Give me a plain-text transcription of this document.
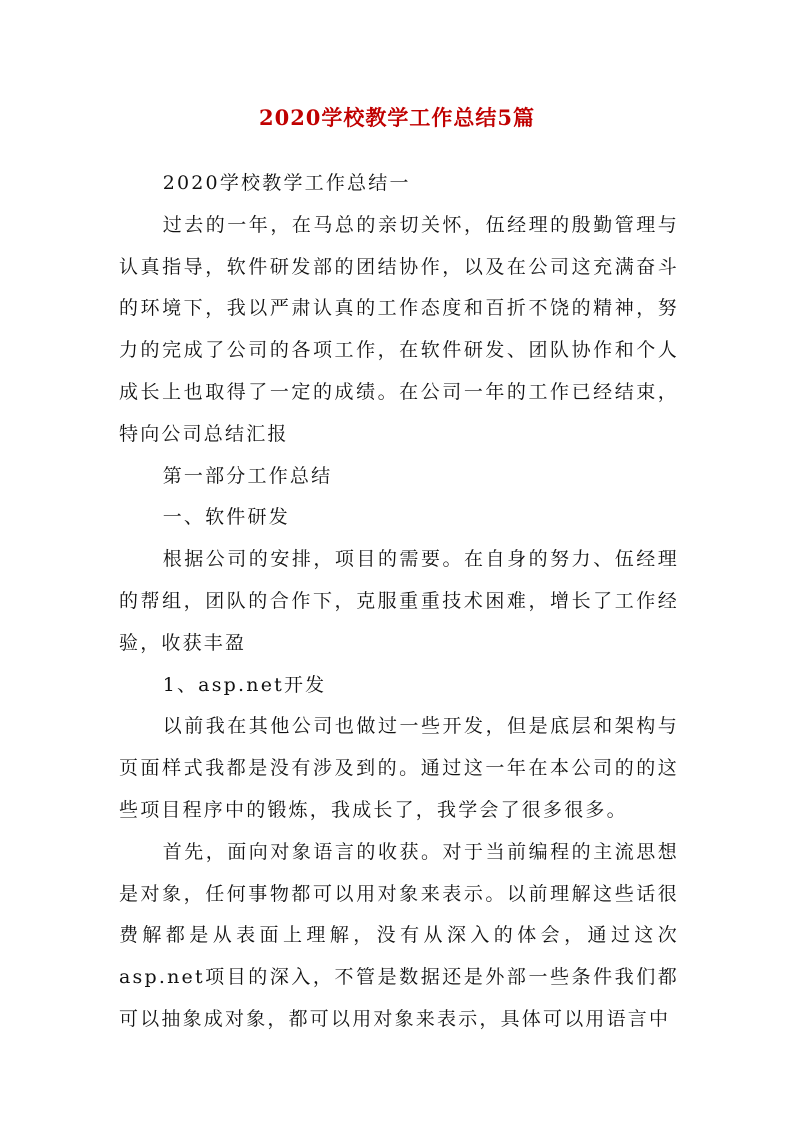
2020学校教学工作总结5篇

2020学校教学工作总结一

过去的一年，在马总的亲切关怀，伍经理的殷勤管理与认真指导，软件研发部的团结协作，以及在公司这充满奋斗的环境下，我以严肃认真的工作态度和百折不饶的精神，努力的完成了公司的各项工作，在软件研发、团队协作和个人成长上也取得了一定的成绩。在公司一年的工作已经结束，特向公司总结汇报

第一部分工作总结

一、软件研发

根据公司的安排，项目的需要。在自身的努力、伍经理的帮组，团队的合作下，克服重重技术困难，增长了工作经验，收获丰盈

1、asp.net开发

以前我在其他公司也做过一些开发，但是底层和架构与页面样式我都是没有涉及到的。通过这一年在本公司的的这些项目程序中的锻炼，我成长了，我学会了很多很多。

首先，面向对象语言的收获。对于当前编程的主流思想是对象，任何事物都可以用对象来表示。以前理解这些话很费解都是从表面上理解，没有从深入的体会，通过这次asp.net项目的深入，不管是数据还是外部一些条件我们都可以抽象成对象，都可以用对象来表示，具体可以用语言中
